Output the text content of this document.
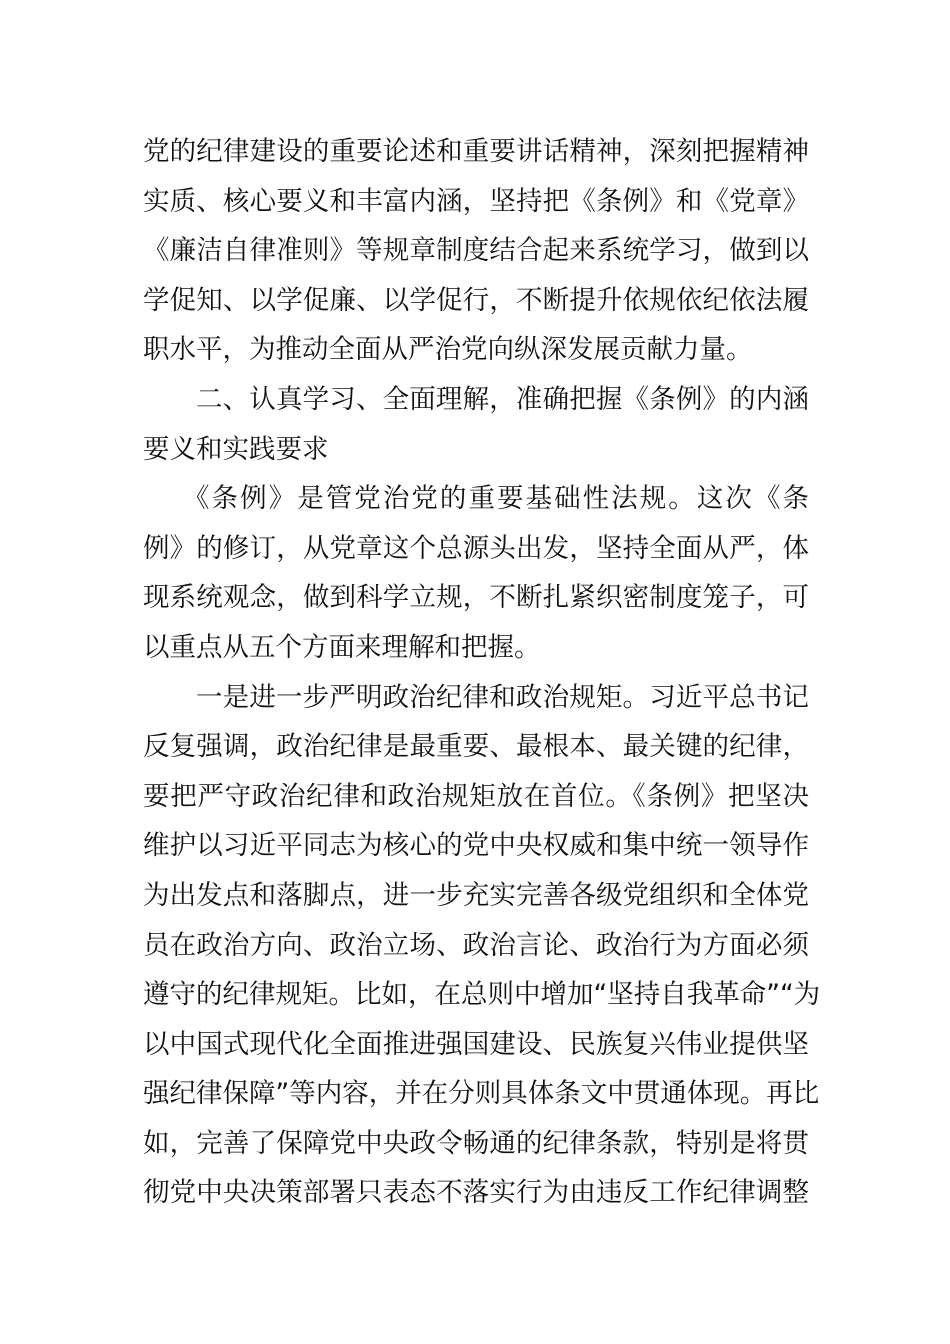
党的纪律建设的重要论述和重要讲话精神，深刻把握精神
实质、核心要义和丰富内涵，坚持把《条例》和《党章》
《廉洁自律准则》等规章制度结合起来系统学习，做到以
学促知、以学促廉、以学促行，不断提升依规依纪依法履
职水平，为推动全面从严治党向纵深发展贡献力量。
二、认真学习、全面理解，准确把握《条例》的内涵
要义和实践要求
《条例》是管党治党的重要基础性法规。这次《条
例》的修订，从党章这个总源头出发，坚持全面从严，体
现系统观念，做到科学立规，不断扎紧织密制度笼子，可
以重点从五个方面来理解和把握。
一是进一步严明政治纪律和政治规矩。习近平总书记
反复强调，政治纪律是最重要、最根本、最关键的纪律，
要把严守政治纪律和政治规矩放在首位。《条例》把坚决
维护以习近平同志为核心的党中央权威和集中统一领导作
为出发点和落脚点，进一步充实完善各级党组织和全体党
员在政治方向、政治立场、政治言论、政治行为方面必须
遵守的纪律规矩。比如，在总则中增加“坚持自我革命”“为
以中国式现代化全面推进强国建设、民族复兴伟业提供坚
强纪律保障”等内容，并在分则具体条文中贯通体现。再比
如，完善了保障党中央政令畅通的纪律条款，特别是将贯
彻党中央决策部署只表态不落实行为由违反工作纪律调整
